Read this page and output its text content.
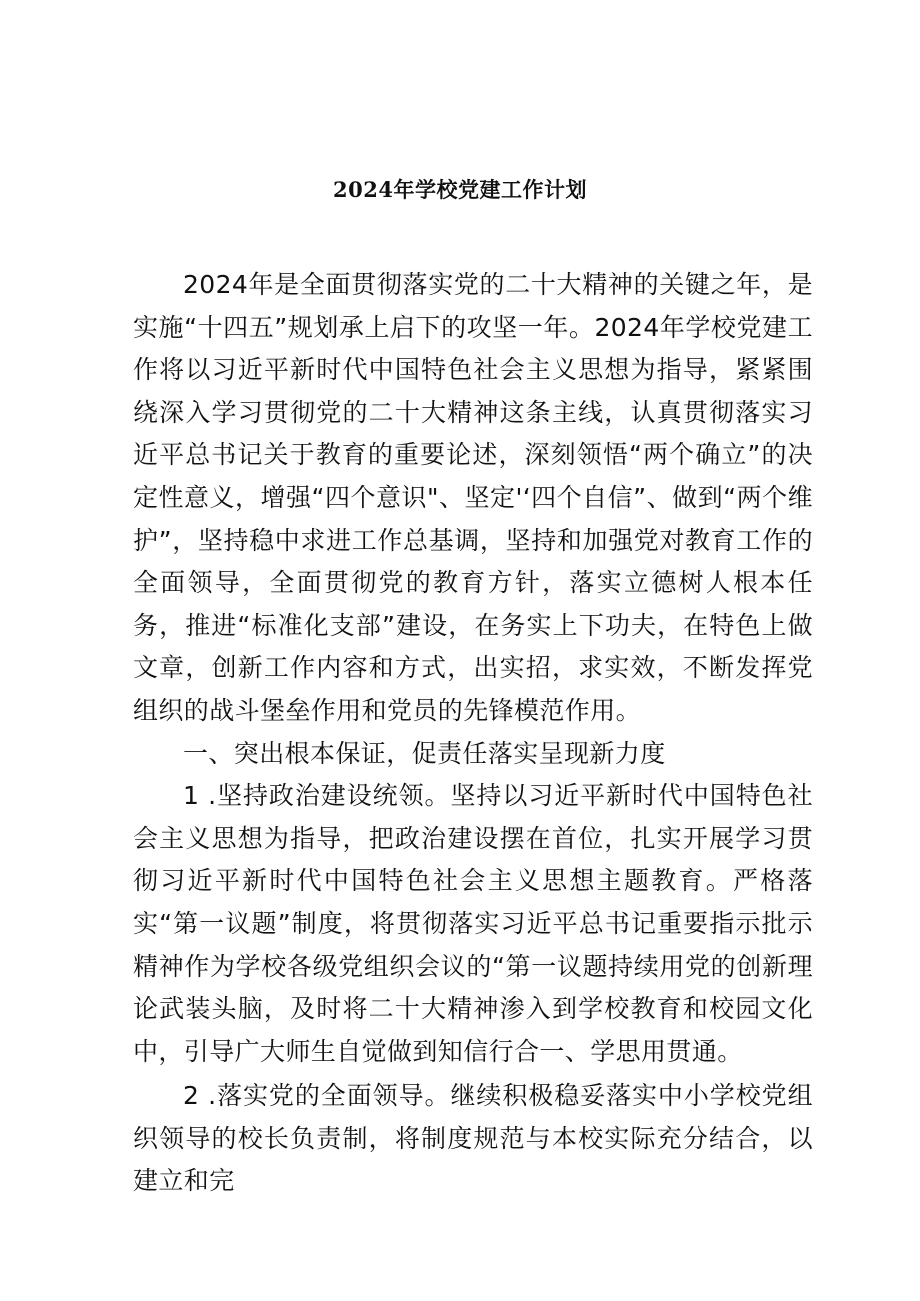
2024年学校党建工作计划

2024年是全面贯彻落实党的二十大精神的关键之年，是实施“十四五”规划承上启下的攻坚一年。2024年学校党建工作将以习近平新时代中国特色社会主义思想为指导，紧紧围绕深入学习贯彻党的二十大精神这条主线，认真贯彻落实习近平总书记关于教育的重要论述，深刻领悟“两个确立”的决定性意义，增强“四个意识"、坚定'‘四个自信”、做到“两个维护”，坚持稳中求进工作总基调，坚持和加强党对教育工作的全面领导，全面贯彻党的教育方针，落实立德树人根本任务，推进“标准化支部”建设，在务实上下功夫，在特色上做文章，创新工作内容和方式，出实招，求实效，不断发挥党组织的战斗堡垒作用和党员的先锋模范作用。

一、突出根本保证，促责任落实呈现新力度

1 .坚持政治建设统领。坚持以习近平新时代中国特色社会主义思想为指导，把政治建设摆在首位，扎实开展学习贯彻习近平新时代中国特色社会主义思想主题教育。严格落实“第一议题”制度，将贯彻落实习近平总书记重要指示批示精神作为学校各级党组织会议的“第一议题持续用党的创新理论武装头脑，及时将二十大精神渗入到学校教育和校园文化中，引导广大师生自觉做到知信行合一、学思用贯通。

2 .落实党的全面领导。继续积极稳妥落实中小学校党组织领导的校长负责制，将制度规范与本校实际充分结合，以建立和完
